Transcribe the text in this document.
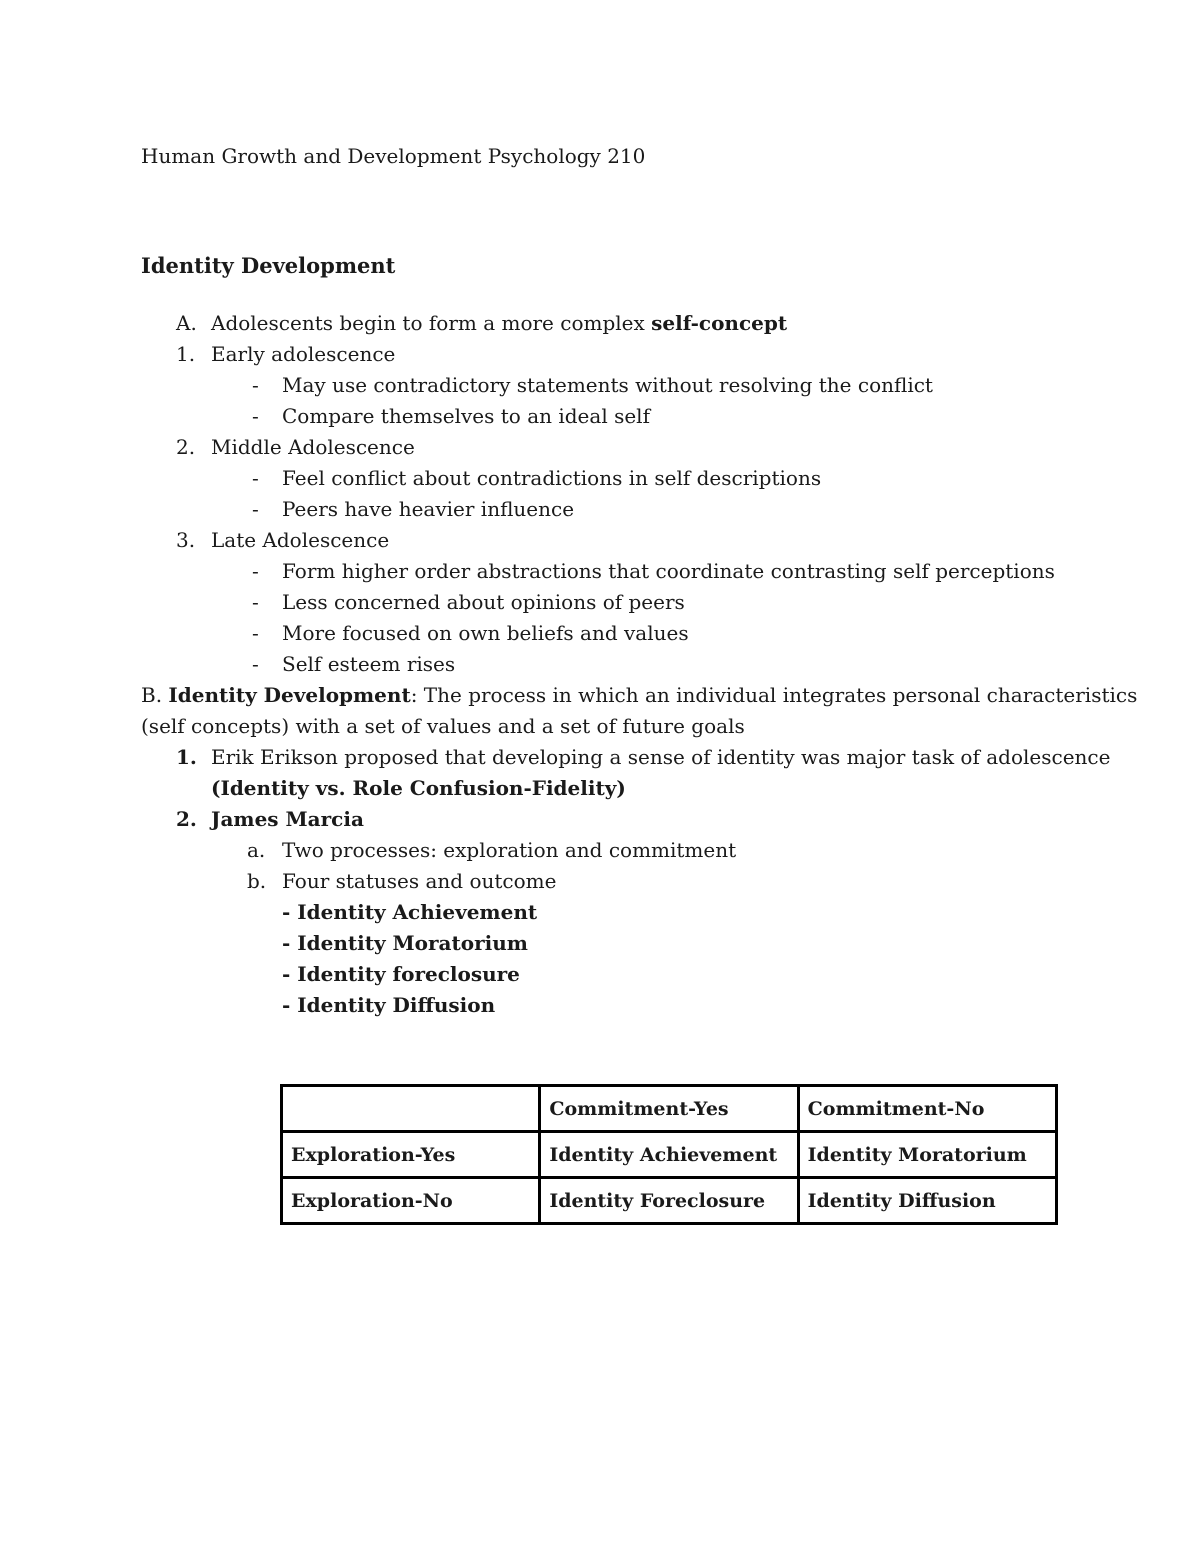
Human Growth and Development Psychology 210
Identity Development
A. Adolescents begin to form a more complex self-concept
1. Early adolescence
- May use contradictory statements without resolving the conflict
- Compare themselves to an ideal self
2. Middle Adolescence
- Feel conflict about contradictions in self descriptions
- Peers have heavier influence
3. Late Adolescence
- Form higher order abstractions that coordinate contrasting self perceptions
- Less concerned about opinions of peers
- More focused on own beliefs and values
- Self esteem rises
B. Identity Development: The process in which an individual integrates personal characteristics
(self concepts) with a set of values and a set of future goals
1. Erik Erikson proposed that developing a sense of identity was major task of adolescence
(Identity vs. Role Confusion-Fidelity)
2. James Marcia
a. Two processes: exploration and commitment
b. Four statuses and outcome
- Identity Achievement
- Identity Moratorium
- Identity foreclosure
- Identity Diffusion
	Commitment-Yes	Commitment-No
Exploration-Yes	Identity Achievement	Identity Moratorium
Exploration-No	Identity Foreclosure	Identity Diffusion
